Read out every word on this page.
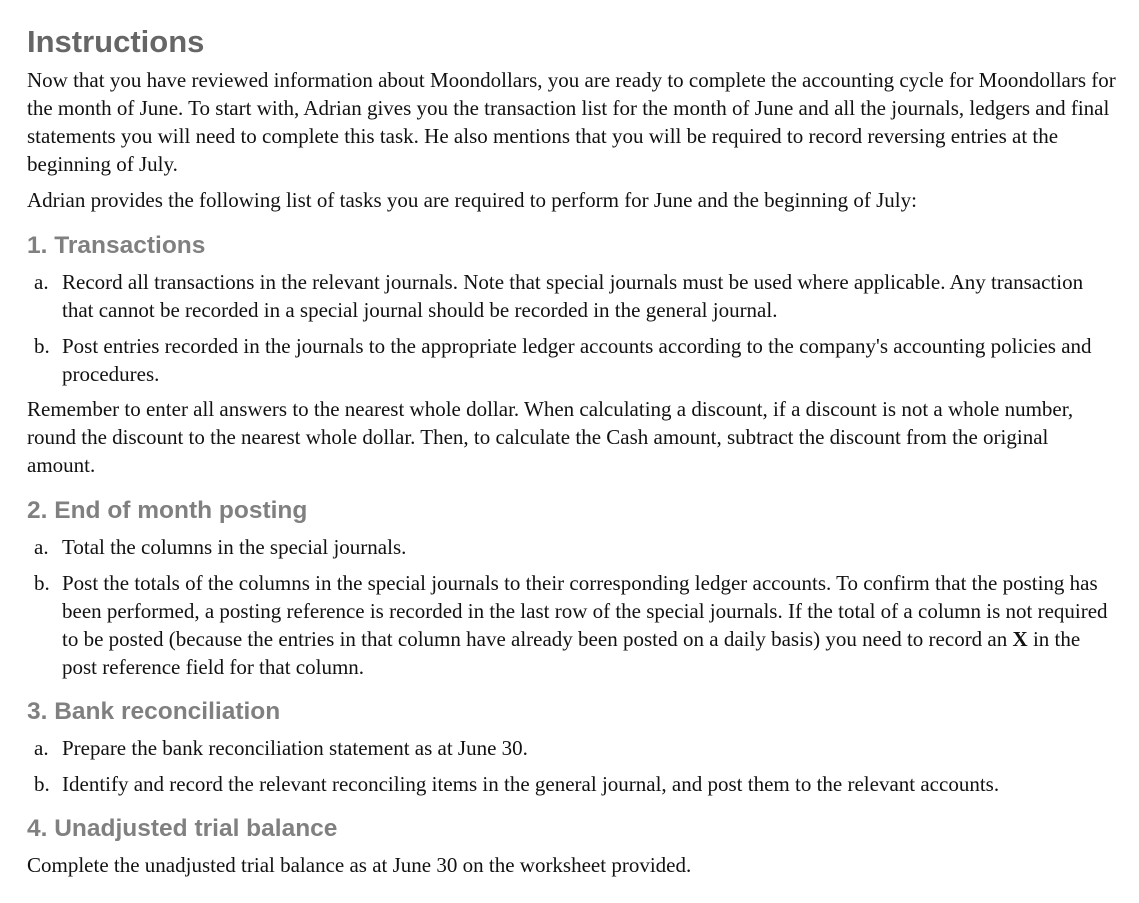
Instructions

Now that you have reviewed information about Moondollars, you are ready to complete the accounting cycle for Moondollars for the month of June. To start with, Adrian gives you the transaction list for the month of June and all the journals, ledgers and final statements you will need to complete this task. He also mentions that you will be required to record reversing entries at the beginning of July.

Adrian provides the following list of tasks you are required to perform for June and the beginning of July:

1. Transactions
a. Record all transactions in the relevant journals. Note that special journals must be used where applicable. Any transaction that cannot be recorded in a special journal should be recorded in the general journal.
b. Post entries recorded in the journals to the appropriate ledger accounts according to the company's accounting policies and procedures.

Remember to enter all answers to the nearest whole dollar. When calculating a discount, if a discount is not a whole number, round the discount to the nearest whole dollar. Then, to calculate the Cash amount, subtract the discount from the original amount.

2. End of month posting
a. Total the columns in the special journals.
b. Post the totals of the columns in the special journals to their corresponding ledger accounts. To confirm that the posting has been performed, a posting reference is recorded in the last row of the special journals. If the total of a column is not required to be posted (because the entries in that column have already been posted on a daily basis) you need to record an X in the post reference field for that column.
3. Bank reconciliation
a. Prepare the bank reconciliation statement as at June 30.
b. Identify and record the relevant reconciling items in the general journal, and post them to the relevant accounts.
4. Unadjusted trial balance

Complete the unadjusted trial balance as at June 30 on the worksheet provided.
